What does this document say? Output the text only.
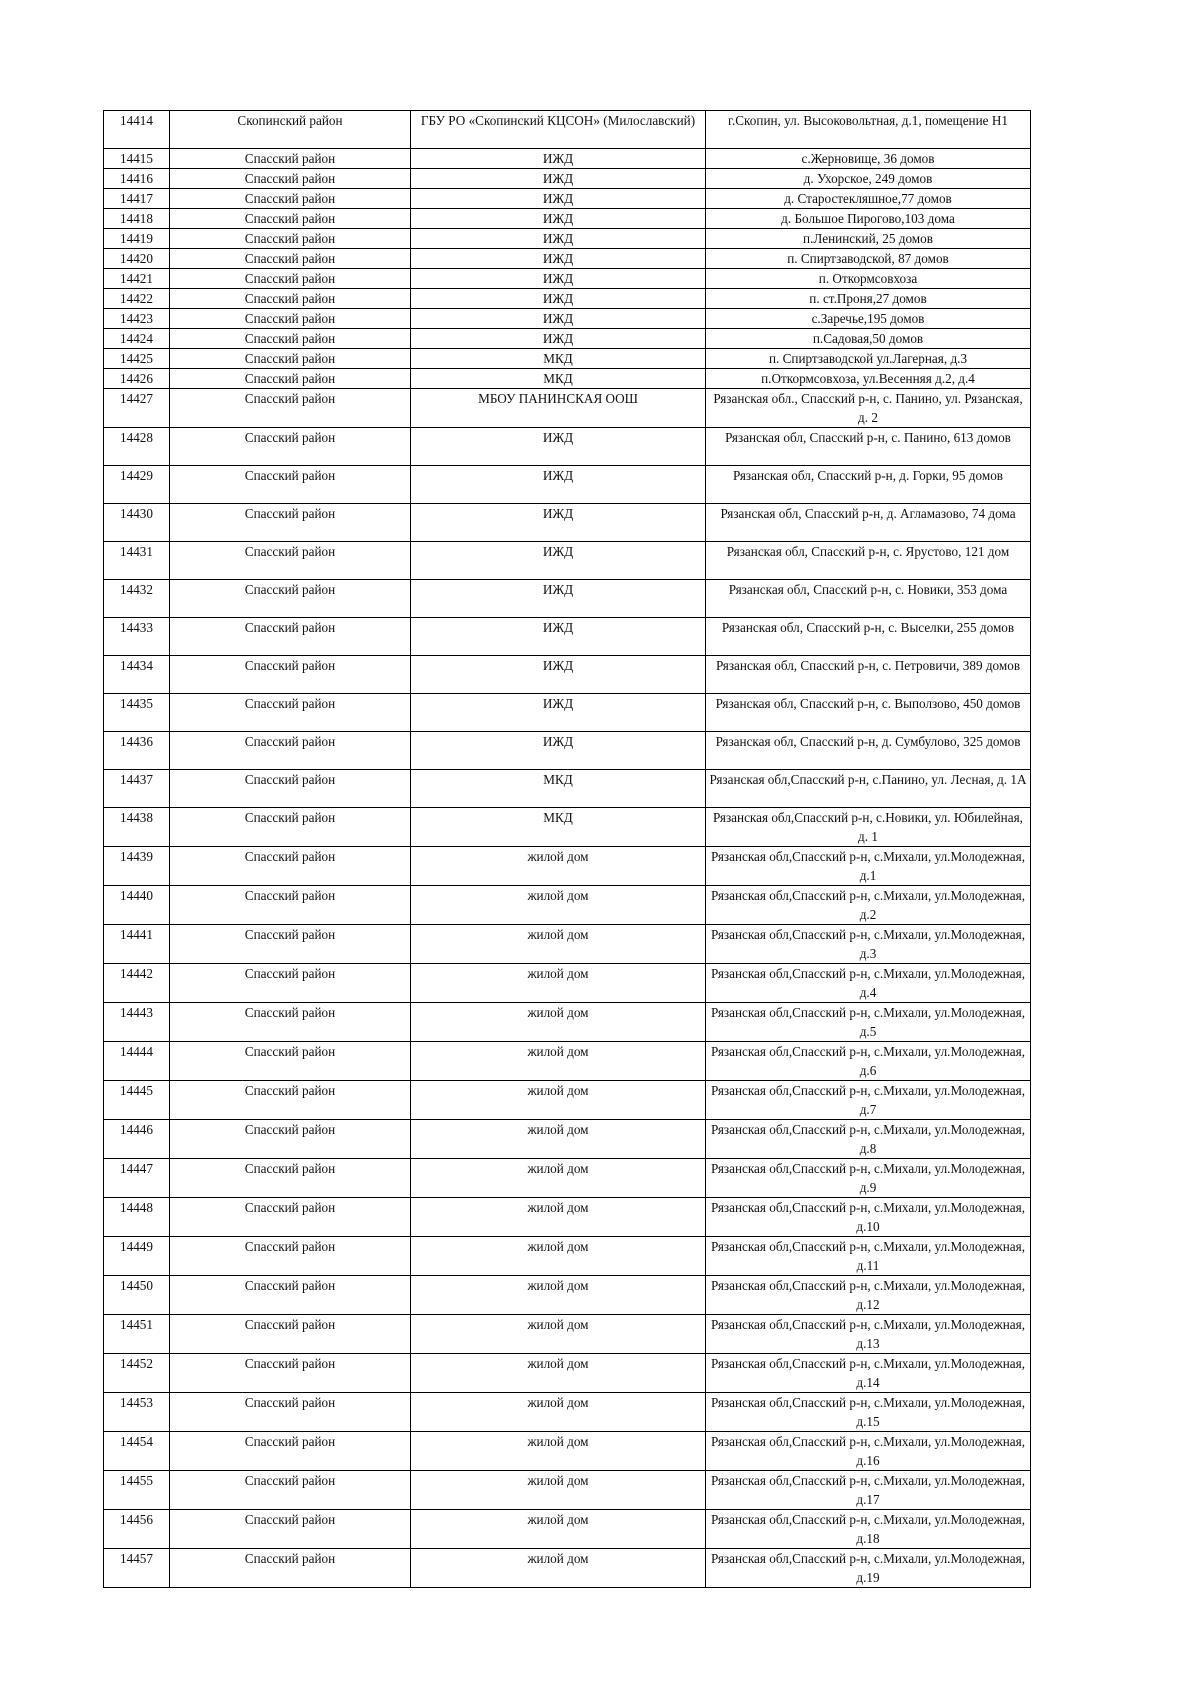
14414	Скопинский район	ГБУ РО «Скопинский КЦСОН» (Милославский)	г.Скопин, ул. Высоковольтная, д.1, помещение Н1
14415	Спасский район	ИЖД	с.Жерновище, 36 домов
14416	Спасский район	ИЖД	д. Ухорское, 249 домов
14417	Спасский район	ИЖД	д. Старостекляшное,77 домов
14418	Спасский район	ИЖД	д. Большое Пирогово,103 дома
14419	Спасский район	ИЖД	п.Ленинский, 25 домов
14420	Спасский район	ИЖД	п. Спиртзаводской, 87 домов
14421	Спасский район	ИЖД	п. Откормсовхоза
14422	Спасский район	ИЖД	п. ст.Проня,27 домов
14423	Спасский район	ИЖД	с.Заречье,195 домов
14424	Спасский район	ИЖД	п.Садовая,50 домов
14425	Спасский район	МКД	п. Спиртзаводской ул.Лагерная, д.3
14426	Спасский район	МКД	п.Откормсовхоза, ул.Весенняя д.2, д.4
14427	Спасский район	МБОУ ПАНИНСКАЯ ООШ	Рязанская обл., Спасский р-н, с. Панино, ул. Рязанская, д. 2
14428	Спасский район	ИЖД	Рязанская обл, Спасский р-н, с. Панино, 613 домов
14429	Спасский район	ИЖД	Рязанская обл, Спасский р-н, д. Горки, 95 домов
14430	Спасский район	ИЖД	Рязанская обл, Спасский р-н, д. Агламазово, 74 дома
14431	Спасский район	ИЖД	Рязанская обл, Спасский р-н, с. Ярустово, 121 дом
14432	Спасский район	ИЖД	Рязанская обл, Спасский р-н, с. Новики, 353 дома
14433	Спасский район	ИЖД	Рязанская обл, Спасский р-н, с. Выселки, 255 домов
14434	Спасский район	ИЖД	Рязанская обл, Спасский р-н, с. Петровичи, 389 домов
14435	Спасский район	ИЖД	Рязанская обл, Спасский р-н, с. Выползово, 450 домов
14436	Спасский район	ИЖД	Рязанская обл, Спасский р-н, д. Сумбулово, 325 домов
14437	Спасский район	МКД	Рязанская обл,Спасский р-н, с.Панино, ул. Лесная, д. 1А
14438	Спасский район	МКД	Рязанская обл,Спасский р-н, с.Новики, ул. Юбилейная, д. 1
14439	Спасский район	жилой дом	Рязанская обл,Спасский р-н, с.Михали, ул.Молодежная, д.1
14440	Спасский район	жилой дом	Рязанская обл,Спасский р-н, с.Михали, ул.Молодежная, д.2
14441	Спасский район	жилой дом	Рязанская обл,Спасский р-н, с.Михали, ул.Молодежная, д.3
14442	Спасский район	жилой дом	Рязанская обл,Спасский р-н, с.Михали, ул.Молодежная, д.4
14443	Спасский район	жилой дом	Рязанская обл,Спасский р-н, с.Михали, ул.Молодежная, д.5
14444	Спасский район	жилой дом	Рязанская обл,Спасский р-н, с.Михали, ул.Молодежная, д.6
14445	Спасский район	жилой дом	Рязанская обл,Спасский р-н, с.Михали, ул.Молодежная, д.7
14446	Спасский район	жилой дом	Рязанская обл,Спасский р-н, с.Михали, ул.Молодежная, д.8
14447	Спасский район	жилой дом	Рязанская обл,Спасский р-н, с.Михали, ул.Молодежная, д.9
14448	Спасский район	жилой дом	Рязанская обл,Спасский р-н, с.Михали, ул.Молодежная, д.10
14449	Спасский район	жилой дом	Рязанская обл,Спасский р-н, с.Михали, ул.Молодежная, д.11
14450	Спасский район	жилой дом	Рязанская обл,Спасский р-н, с.Михали, ул.Молодежная, д.12
14451	Спасский район	жилой дом	Рязанская обл,Спасский р-н, с.Михали, ул.Молодежная, д.13
14452	Спасский район	жилой дом	Рязанская обл,Спасский р-н, с.Михали, ул.Молодежная, д.14
14453	Спасский район	жилой дом	Рязанская обл,Спасский р-н, с.Михали, ул.Молодежная, д.15
14454	Спасский район	жилой дом	Рязанская обл,Спасский р-н, с.Михали, ул.Молодежная, д.16
14455	Спасский район	жилой дом	Рязанская обл,Спасский р-н, с.Михали, ул.Молодежная, д.17
14456	Спасский район	жилой дом	Рязанская обл,Спасский р-н, с.Михали, ул.Молодежная, д.18
14457	Спасский район	жилой дом	Рязанская обл,Спасский р-н, с.Михали, ул.Молодежная, д.19
